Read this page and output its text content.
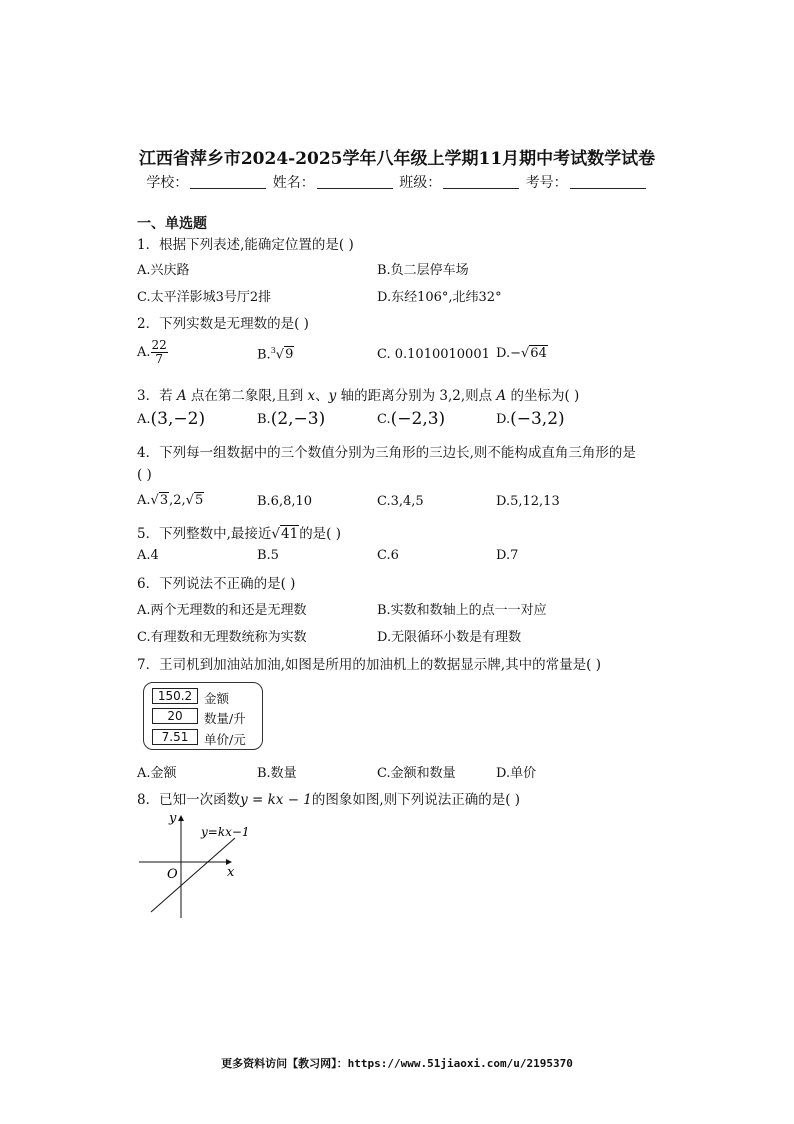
江西省萍乡市2024-2025学年八年级上学期11月期中考试数学试卷
学校：	姓名：	班级：	考号：
一、单选题
1．根据下列表述,能确定位置的是( )
A.兴庆路	B.负二层停车场
C.太平洋影城3号厅2排	D.东经106°,北纬32°
2．下列实数是无理数的是( )
A. $\frac{22}{7}$	B.$^3$√9	C. 0.1010010001 D.−√64
3．若 A 点在第二象限,且到 x、y 轴的距离分别为 3,2,则点 A 的坐标为( )
A.(3,−2)	B.(2,−3)	C.(−2,3)	D.(−3,2)
4．下列每一组数据中的三个数值分别为三角形的三边长,则不能构成直角三角形的是
( )
A.√3,2,√5	B.6,8,10	C.3,4,5	D.5,12,13
5．下列整数中,最接近√41的是( )
A.4	B.5	C.6	D.7
6．下列说法不正确的是( )
A.两个无理数的和还是无理数	B.实数和数轴上的点一一对应
C.有理数和无理数统称为实数	D.无限循环小数是有理数
7．王司机到加油站加油,如图是所用的加油机上的数据显示牌,其中的常量是( )
150.2 金额
20	数量/升
7.51	单价/元
A.金额	B.数量	C.金额和数量	D.单价
8．已知一次函数y = kx − 1的图象如图,则下列说法正确的是( )
y
x
O
y=kx−1
更多资料访问【教习网】：https://www.51jiaoxi.com/u/2195370
